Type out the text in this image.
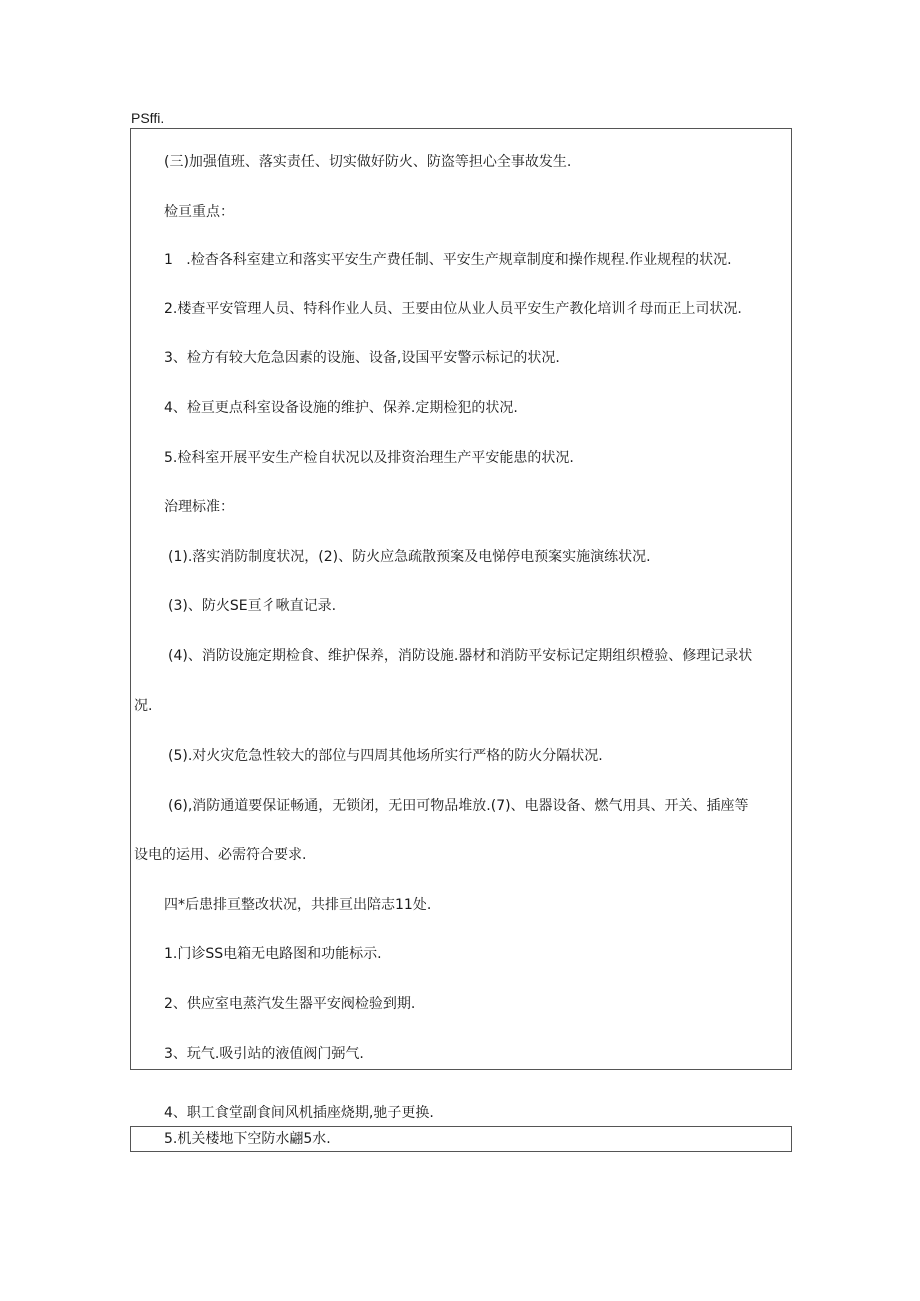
PSffi.
(三)加强值班、落实责任、切实做好防火、防盗等担心全事故发生.
检亘重点：
1   .检杳各科室建立和落实平安生产费任制、平安生产规章制度和操作规程.作业规程的状况.
2.楼查平安管理人员、特科作业人员、王要由位从业人员平安生产教化培训彳母而正上司状况.
3、检方有较大危急因素的设施、设备,设国平安警示标记的状况.
4、检亘更点科室设备设施的维护、保养.定期检犯的状况.
5.检科室开展平安生产检自状况以及排资治理生产平安能患的状况.
治理标准：
(1).落实消防制度状况，(2)、防火应急疏散预案及电悌停电预案实施演练状况.
(3)、防火SE亘彳啾直记录.
(4)、消防设施定期检食、维护保养，消防设施.器材和消防平安标记定期组织橙验、修理记录状
况.
(5).对火灾危急性较大的部位与四周其他场所实行严格的防火分隔状况.
(6),消防通道要保证畅通，无锁闭，无田可物品堆放.(7)、电器设备、燃气用具、开关、插座等
设电的运用、必需符合要求.
四*后患排亘整改状况，共排亘出陪志11处.
1.门诊SS电箱无电路图和功能标示.
2、供应室电蒸汽发生器平安阀检验到期.
3、玩气.吸引站的液值阀门弼气.
4、职工食堂副食间风机插座烧期,驰子更换.
5.机关楼地下空防水翩5水.
